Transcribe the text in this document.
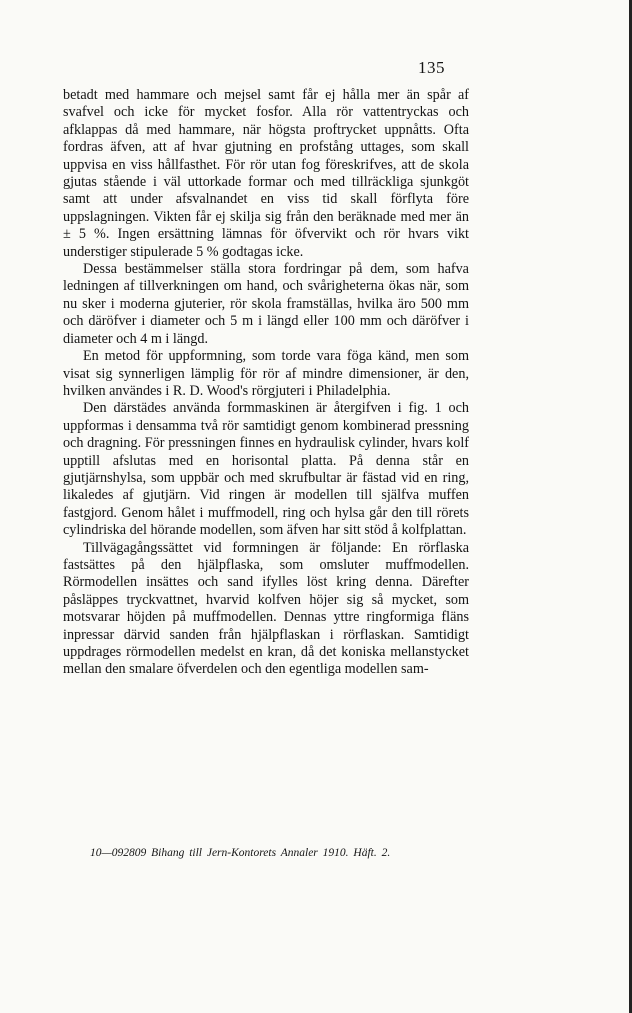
135

betadt med hammare och mejsel samt får ej hålla mer än spår af svafvel och icke för mycket fosfor. Alla rör vattentryckas och afklappas då med hammare, när högsta proftrycket uppnåtts. Ofta fordras äfven, att af hvar gjutning en profstång uttages, som skall uppvisa en viss hållfasthet. För rör utan fog föreskrifves, att de skola gjutas stående i väl uttorkade formar och med tillräckliga sjunkgöt samt att under afsvalnandet en viss tid skall förflyta före uppslagningen. Vikten får ej skilja sig från den beräknade med mer än ± 5 %. Ingen ersättning lämnas för öfvervikt och rör hvars vikt understiger stipulerade 5 % godtagas icke.

Dessa bestämmelser ställa stora fordringar på dem, som hafva ledningen af tillverkningen om hand, och svårigheterna ökas när, som nu sker i moderna gjuterier, rör skola framställas, hvilka äro 500 mm och däröfver i diameter och 5 m i längd eller 100 mm och däröfver i diameter och 4 m i längd.

En metod för uppformning, som torde vara föga känd, men som visat sig synnerligen lämplig för rör af mindre dimensioner, är den, hvilken användes i R. D. Wood's rörgjuteri i Philadelphia.

Den därstädes använda formmaskinen är återgifven i fig. 1 och uppformas i densamma två rör samtidigt genom kombinerad pressning och dragning. För pressningen finnes en hydraulisk cylinder, hvars kolf upptill afslutas med en horisontal platta. På denna står en gjutjärnshylsa, som uppbär och med skrufbultar är fästad vid en ring, likaledes af gjutjärn. Vid ringen är modellen till själfva muffen fastgjord. Genom hålet i muffmodell, ring och hylsa går den till rörets cylindriska del hörande modellen, som äfven har sitt stöd å kolfplattan.

Tillvägagångssättet vid formningen är följande: En rörflaska fastsättes på den hjälpflaska, som omsluter muffmodellen. Rörmodellen insättes och sand ifylles löst kring denna. Därefter påsläppes tryckvattnet, hvarvid kolfven höjer sig så mycket, som motsvarar höjden på muffmodellen. Dennas yttre ringformiga fläns inpressar därvid sanden från hjälpflaskan i rörflaskan. Samtidigt uppdrages rörmodellen medelst en kran, då det koniska mellanstycket mellan den smalare öfverdelen och den egentliga modellen sam-

10—092809 Bihang till Jern-Kontorets Annaler 1910. Häft. 2.
